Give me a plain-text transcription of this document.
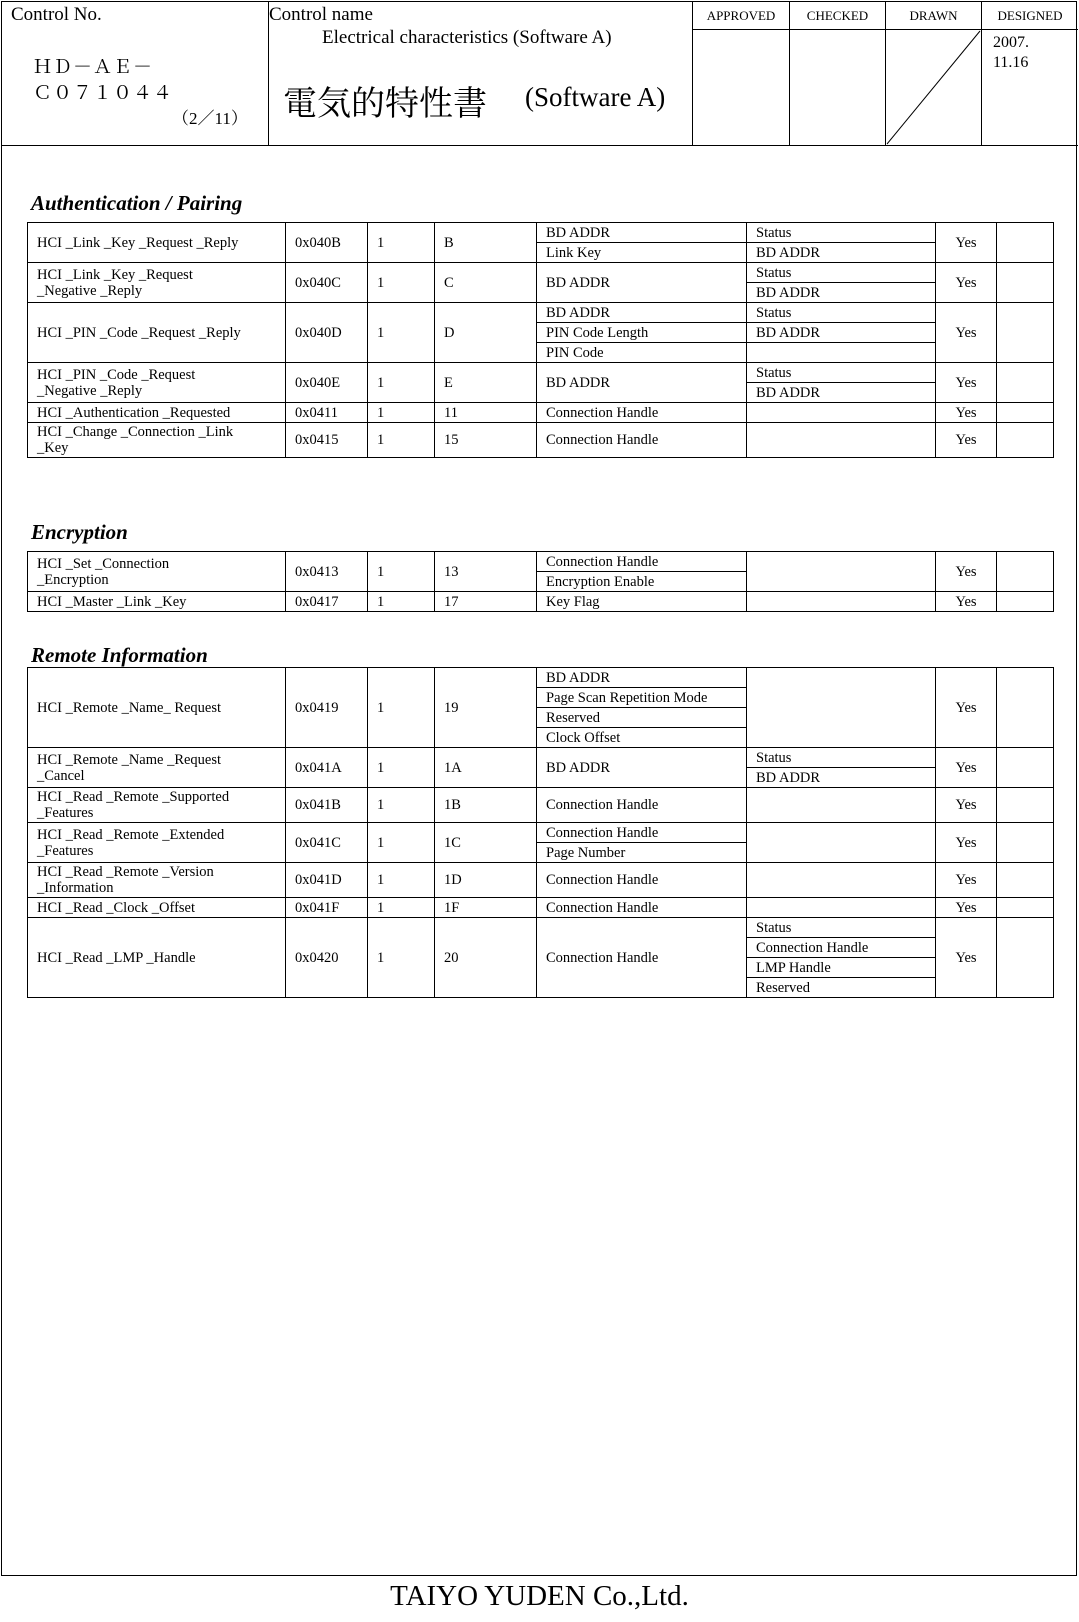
Control No.
ＨＤ－ＡＥ－
Ｃ０７１０４４
（2／11）
Control name
Electrical characteristics (Software A)
電気的特性書 (Software A)
APPROVED	CHECKED	DRAWN	DESIGNED
2007.
11.16
Authentication / Pairing
Encryption
Remote Information
HCI _Link _Key _Request _Reply	0x040B	1	B	BD ADDR	Status	Yes	
				Link Key	BD ADDR		

HCI _Link _Key _Request
_Negative _Reply	0x040C	1	C	BD ADDR	Status	Yes	
					BD ADDR		

HCI _PIN _Code _Request _Reply	0x040D	1	D	BD ADDR	Status	Yes	
				PIN Code Length	BD ADDR		
				PIN Code			

HCI _PIN _Code _Request
_Negative _Reply	0x040E	1	E	BD ADDR	Status	Yes	
					BD ADDR		

HCI _Authentication _Requested	0x0411	1	11	Connection Handle		Yes	

HCI _Change _Connection _Link
_Key	0x0415	1	15	Connection Handle		Yes	
HCI _Set _Connection
_Encryption	0x0413	1	13	Connection Handle		Yes	
				Encryption Enable			

HCI _Master _Link _Key	0x0417	1	17	Key Flag		Yes	
HCI _Remote _Name_ Request	0x0419	1	19	BD ADDR		Yes	
				Page Scan Repetition Mode			
				Reserved			
				Clock Offset			

HCI _Remote _Name _Request
_Cancel	0x041A	1	1A	BD ADDR	Status	Yes	
					BD ADDR		

HCI _Read _Remote _Supported
_Features	0x041B	1	1B	Connection Handle		Yes	

HCI _Read _Remote _Extended
_Features	0x041C	1	1C	Connection Handle		Yes	
				Page Number			

HCI _Read _Remote _Version
_Information	0x041D	1	1D	Connection Handle		Yes	

HCI _Read _Clock _Offset	0x041F	1	1F	Connection Handle		Yes	

HCI _Read _LMP _Handle	0x0420	1	20	Connection Handle	Status	Yes	
					Connection Handle		
					LMP Handle		
					Reserved		
TAIYO YUDEN Co.,Ltd.
